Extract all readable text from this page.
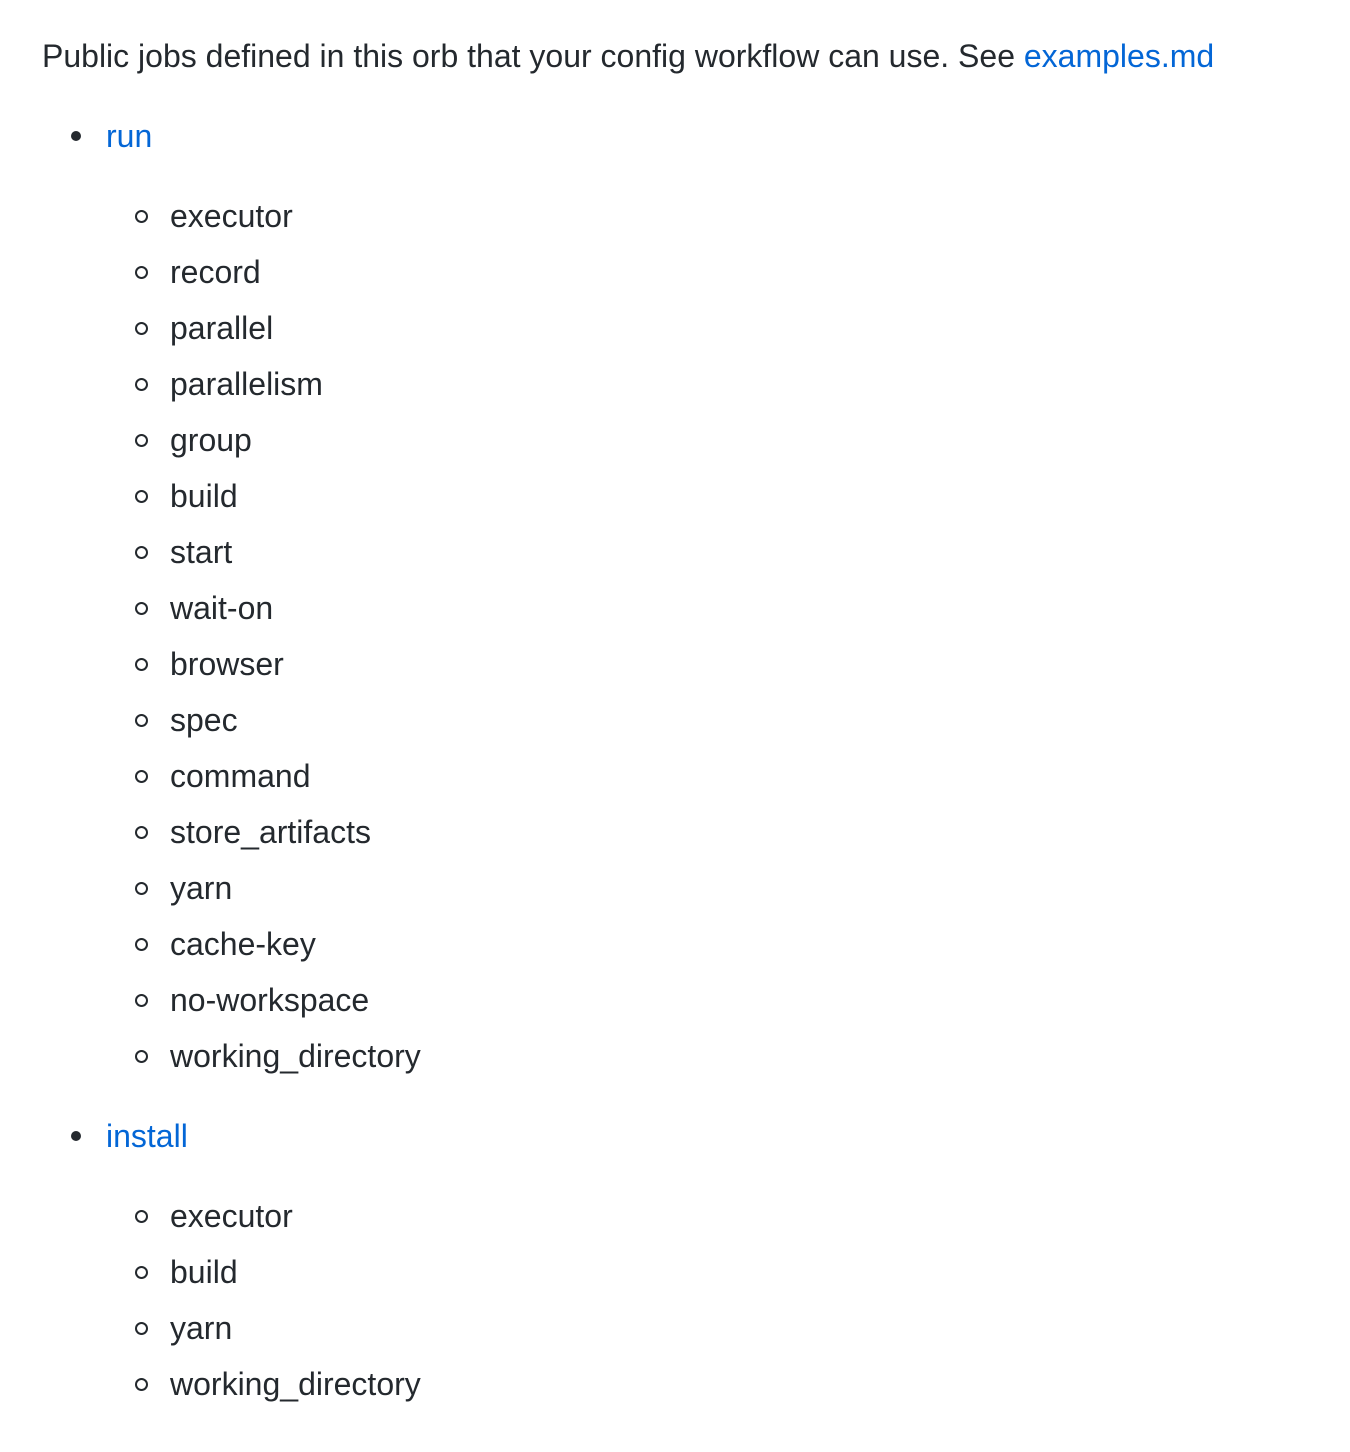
Public jobs defined in this orb that your config workflow can use. See examples.md

run
executor
record
parallel
parallelism
group
build
start
wait-on
browser
spec
command
store_artifacts
yarn
cache-key
no-workspace
working_directory
install
executor
build
yarn
working_directory
